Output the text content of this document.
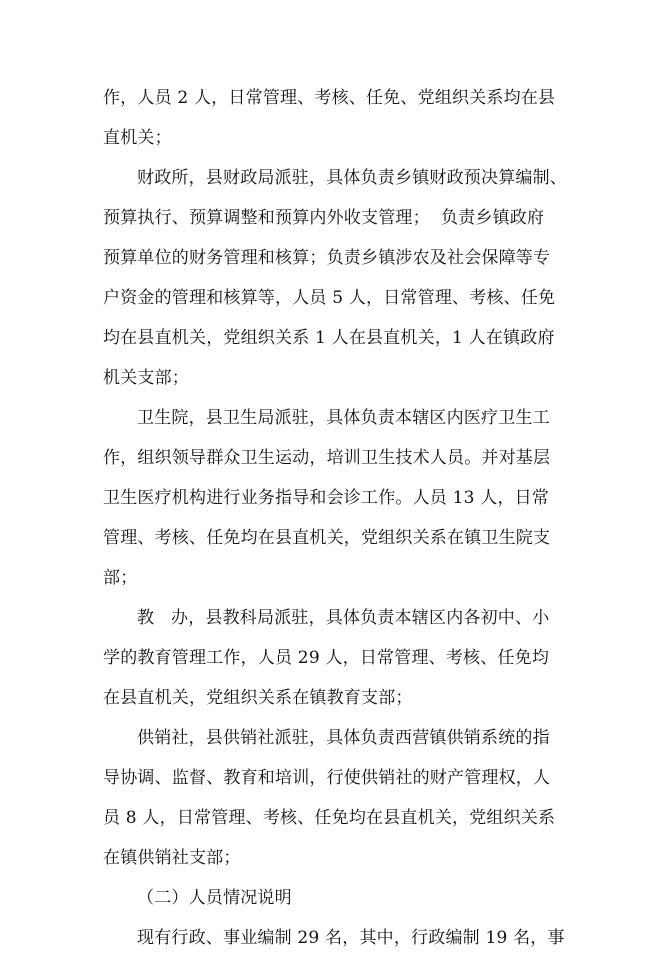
作，人员 2 人，日常管理、考核、任免、党组织关系均在县
直机关；
财政所，县财政局派驻，具体负责乡镇财政预决算编制、
预算执行、预算调整和预算内外收支管理；  负责乡镇政府
预算单位的财务管理和核算；负责乡镇涉农及社会保障等专
户资金的管理和核算等，人员 5 人，日常管理、考核、任免
均在县直机关，党组织关系 1 人在县直机关，1 人在镇政府
机关支部；
卫生院，县卫生局派驻，具体负责本辖区内医疗卫生工
作，组织领导群众卫生运动，培训卫生技术人员。并对基层
卫生医疗机构进行业务指导和会诊工作。人员 13 人，日常
管理、考核、任免均在县直机关，党组织关系在镇卫生院支
部；
教   办，县教科局派驻，具体负责本辖区内各初中、小
学的教育管理工作，人员 29 人，日常管理、考核、任免均
在县直机关，党组织关系在镇教育支部；
供销社，县供销社派驻，具体负责西营镇供销系统的指
导协调、监督、教育和培训，行使供销社的财产管理权，人
员 8 人，日常管理、考核、任免均在县直机关，党组织关系
在镇供销社支部；
（二）人员情况说明
现有行政、事业编制 29 名，其中，行政编制 19 名，事
